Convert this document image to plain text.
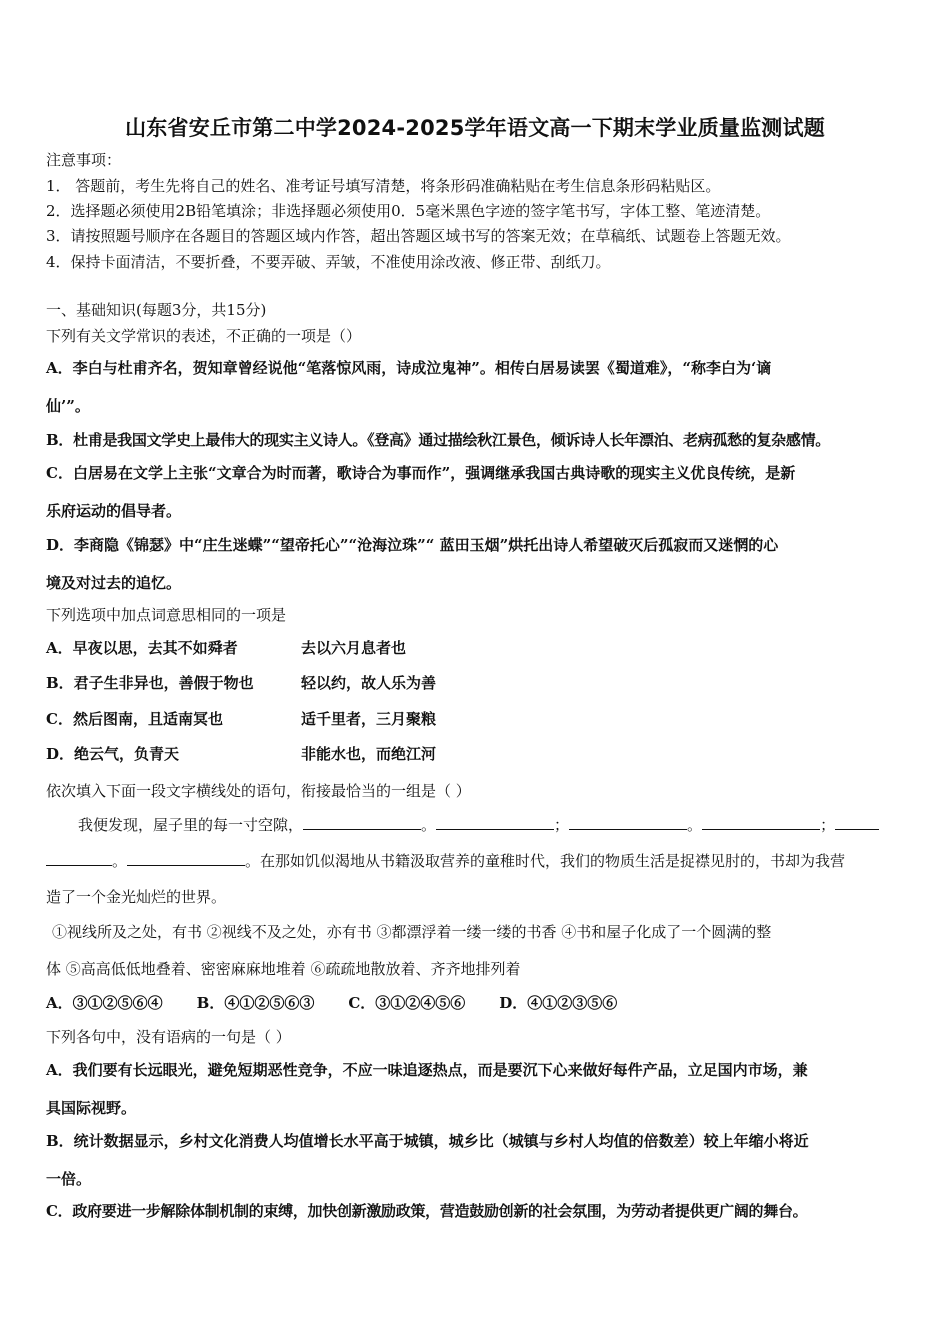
山东省安丘市第二中学2024-2025学年语文高一下期末学业质量监测试题
注意事项：
1． 答题前，考生先将自己的姓名、准考证号填写清楚，将条形码准确粘贴在考生信息条形码粘贴区。
2．选择题必须使用2B铅笔填涂；非选择题必须使用0．5毫米黑色字迹的签字笔书写，字体工整、笔迹清楚。
3．请按照题号顺序在各题目的答题区域内作答，超出答题区域书写的答案无效；在草稿纸、试题卷上答题无效。
4．保持卡面清洁，不要折叠，不要弄破、弄皱，不准使用涂改液、修正带、刮纸刀。
一、基础知识(每题3分，共15分)
下列有关文学常识的表述，不正确的一项是（）
A．李白与杜甫齐名，贺知章曾经说他“笔落惊风雨，诗成泣鬼神”。相传白居易读罢《蜀道难》，“称李白为‘谪
仙’”。
B．杜甫是我国文学史上最伟大的现实主义诗人。《登高》通过描绘秋江景色，倾诉诗人长年漂泊、老病孤愁的复杂感情。
C．白居易在文学上主张“文章合为时而著，歌诗合为事而作”，强调继承我国古典诗歌的现实主义优良传统，是新
乐府运动的倡导者。
D．李商隐《锦瑟》中“庄生迷蝶”“望帝托心”“沧海泣珠”“ 蓝田玉烟”烘托出诗人希望破灭后孤寂而又迷惘的心
境及对过去的追忆。
下列选项中加点词意思相同的一项是
A．早夜以思，去其不如舜者	去以六月息者也
B．君子生非异也，善假于物也	轻以约，故人乐为善
C．然后图南，且适南冥也	适千里者，三月聚粮
D．绝云气，负青天	非能水也，而绝江河
依次填入下面一段文字横线处的语句，衔接最恰当的一组是（ ）
我便发现，屋子里的每一寸空隙，	。	；	。	；
。	。在那如饥似渴地从书籍汲取营养的童稚时代，我们的物质生活是捉襟见肘的，书却为我营
造了一个金光灿烂的世界。
①视线所及之处，有书 ②视线不及之处，亦有书 ③都漂浮着一缕一缕的书香 ④书和屋子化成了一个圆满的整
体 ⑤高高低低地叠着、密密麻麻地堆着 ⑥疏疏地散放着、齐齐地排列着
A．③①②⑤⑥④ B．④①②⑤⑥③ C．③①②④⑤⑥ D．④①②③⑤⑥
下列各句中，没有语病的一句是（ ）
A．我们要有长远眼光，避免短期恶性竞争，不应一味追逐热点，而是要沉下心来做好每件产品，立足国内市场，兼
具国际视野。
B．统计数据显示，乡村文化消费人均值增长水平高于城镇，城乡比（城镇与乡村人均值的倍数差）较上年缩小将近
一倍。
C．政府要进一步解除体制机制的束缚，加快创新激励政策，营造鼓励创新的社会氛围，为劳动者提供更广阔的舞台。
